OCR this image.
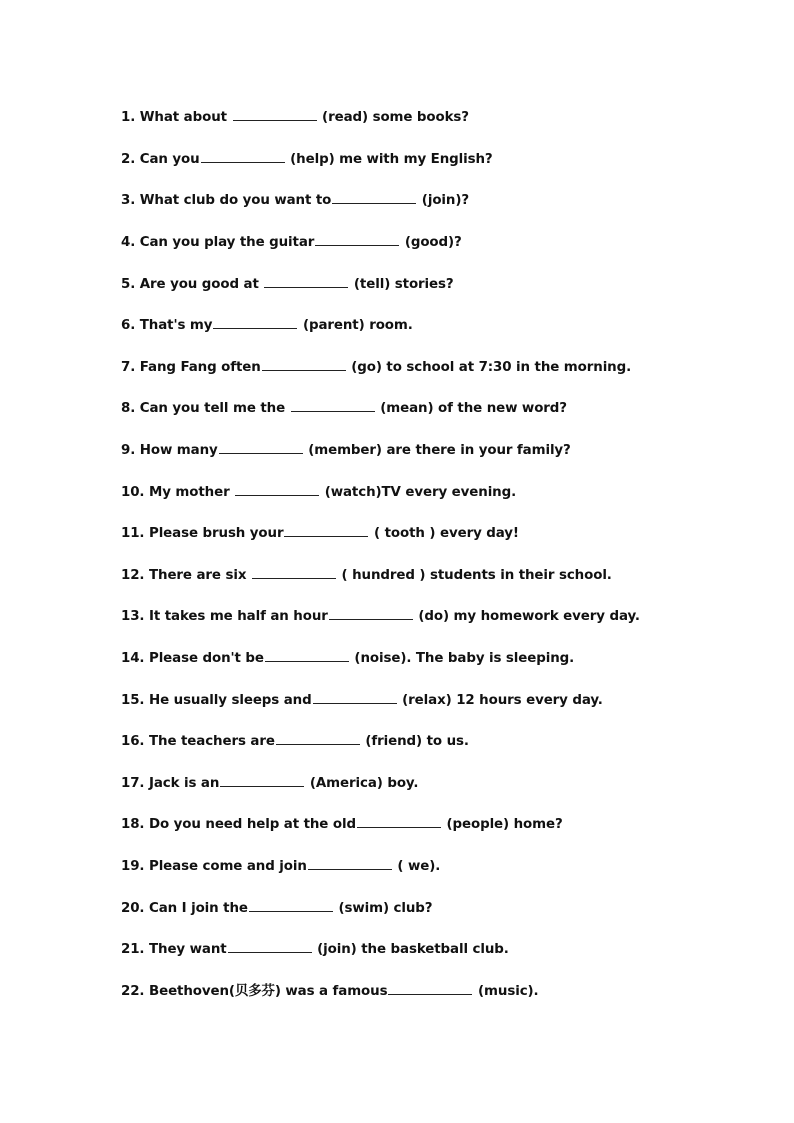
1. What about	(read) some books?
2. Can you	(help) me with my English?
3. What club do you want to	(join)?
4. Can you play the guitar	(good)?
5. Are you good at	(tell) stories?
6. That's my	(parent) room.
7. Fang Fang often	(go) to school at 7:30 in the morning.
8. Can you tell me the	(mean) of the new word?
9. How many	(member) are there in your family?
10. My mother	(watch)TV every evening.
11. Please brush your	( tooth ) every day!
12. There are six	( hundred ) students in their school.
13. It takes me half an hour	(do) my homework every day.
14. Please don't be	(noise). The baby is sleeping.
15. He usually sleeps and	(relax) 12 hours every day.
16. The teachers are	(friend) to us.
17. Jack is an	(America) boy.
18. Do you need help at the old	(people) home?
19. Please come and join	( we).
20. Can I join the	(swim) club?
21. They want	(join) the basketball club.
22. Beethoven(贝多芬) was a famous	(music).
